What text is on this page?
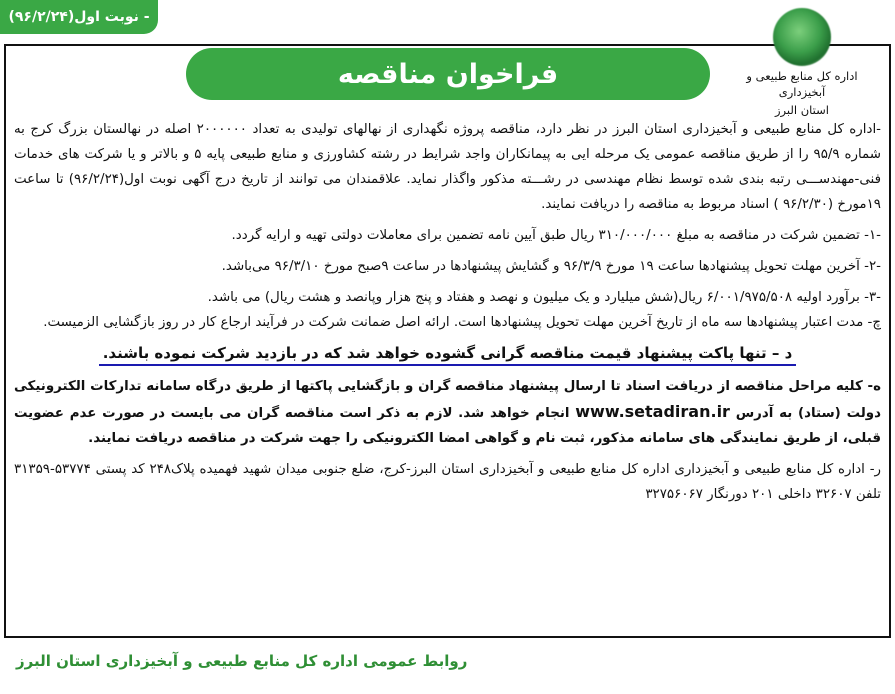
- نوبت اول(۹۶/۲/۲۴)
اداره کل منابع طبیعی و آبخیزداری
استان البرز
فراخوان مناقصه

-اداره کل منابع طبیعی و آبخیزداری استان البرز در نظر دارد، مناقصه پروژه نگهداری از نهالهای تولیدی به تعداد ۲۰۰۰۰۰۰ اصله در نهالستان بزرگ کرج به شماره ۹۵/۹ را از طریق مناقصه عمومی یک مرحله ایی به پیمانکاران واجد شرایط در رشته کشاورزی و منابع طبیعی پایه ۵ و بالاتر و یا شرکت های خدمات فنی-مهندســـی رتبه بندی شده توسط نظام مهندسی در رشـــته مذکور واگذار نماید. علاقمندان می توانند از تاریخ درج آگهی نوبت اول(۹۶/۲/۲۴) تا ساعت ۱۹مورخ (۹۶/۲/۳۰ ) اسناد مربوط به مناقصه را دریافت نمایند.

-۱- تضمین شرکت در مناقصه به مبلغ ۳۱۰/۰۰۰/۰۰۰ ریال طبق آیین نامه تضمین برای معاملات دولتی تهیه و ارایه گردد.

-۲- آخرین مهلت تحویل پیشنهادها ساعت ۱۹ مورخ ۹۶/۳/۹ و گشایش پیشنهادها در ساعت ۹صبح مورخ ۹۶/۳/۱۰ می‌باشد.

-۳- برآورد اولیه ۶/۰۰۱/۹۷۵/۵۰۸ ریال(شش میلیارد و یک میلیون و نهصد و هفتاد و پنج هزار وپانصد و هشت ریال) می باشد.

چ- مدت اعتبار پیشنهادها سه ماه از تاریخ آخرین مهلت تحویل پیشنهادها است. ارائه اصل ضمانت شرکت در فرآیند ارجاع کار در روز بازگشایی الزمیست.

د – تنها پاکت پیشنهاد قیمت مناقصه گرانی گشوده خواهد شد که در بازدید شرکت نموده باشند.

ه- کلیه مراحل مناقصه از دریافت اسناد تا ارسال پیشنهاد مناقصه گران و بازگشایی پاکتها از طریق درگاه سامانه تدارکات الکترونیکی دولت (ستاد) به آدرس www.setadiran.ir انجام خواهد شد. لازم به ذکر است مناقصه گران می بایست در صورت عدم عضویت قبلی، از طریق نمایندگی های سامانه مذکور، ثبت نام و گواهی امضا الکترونیکی را جهت شرکت در مناقصه دریافت نمایند.

ر- اداره کل منابع طبیعی و آبخیزداری اداره کل منابع طبیعی و آبخیزداری استان البرز-کرج، ضلع جنوبی میدان شهید فهمیده پلاک۲۴۸ کد پستی ۵۳۷۷۴-۳۱۳۵۹ تلفن ۳۲۶۰۷ داخلی ۲۰۱ دورنگار ۳۲۷۵۶۰۶۷

روابط عمومی اداره کل منابع طبیعی و آبخیزداری استان البرز
